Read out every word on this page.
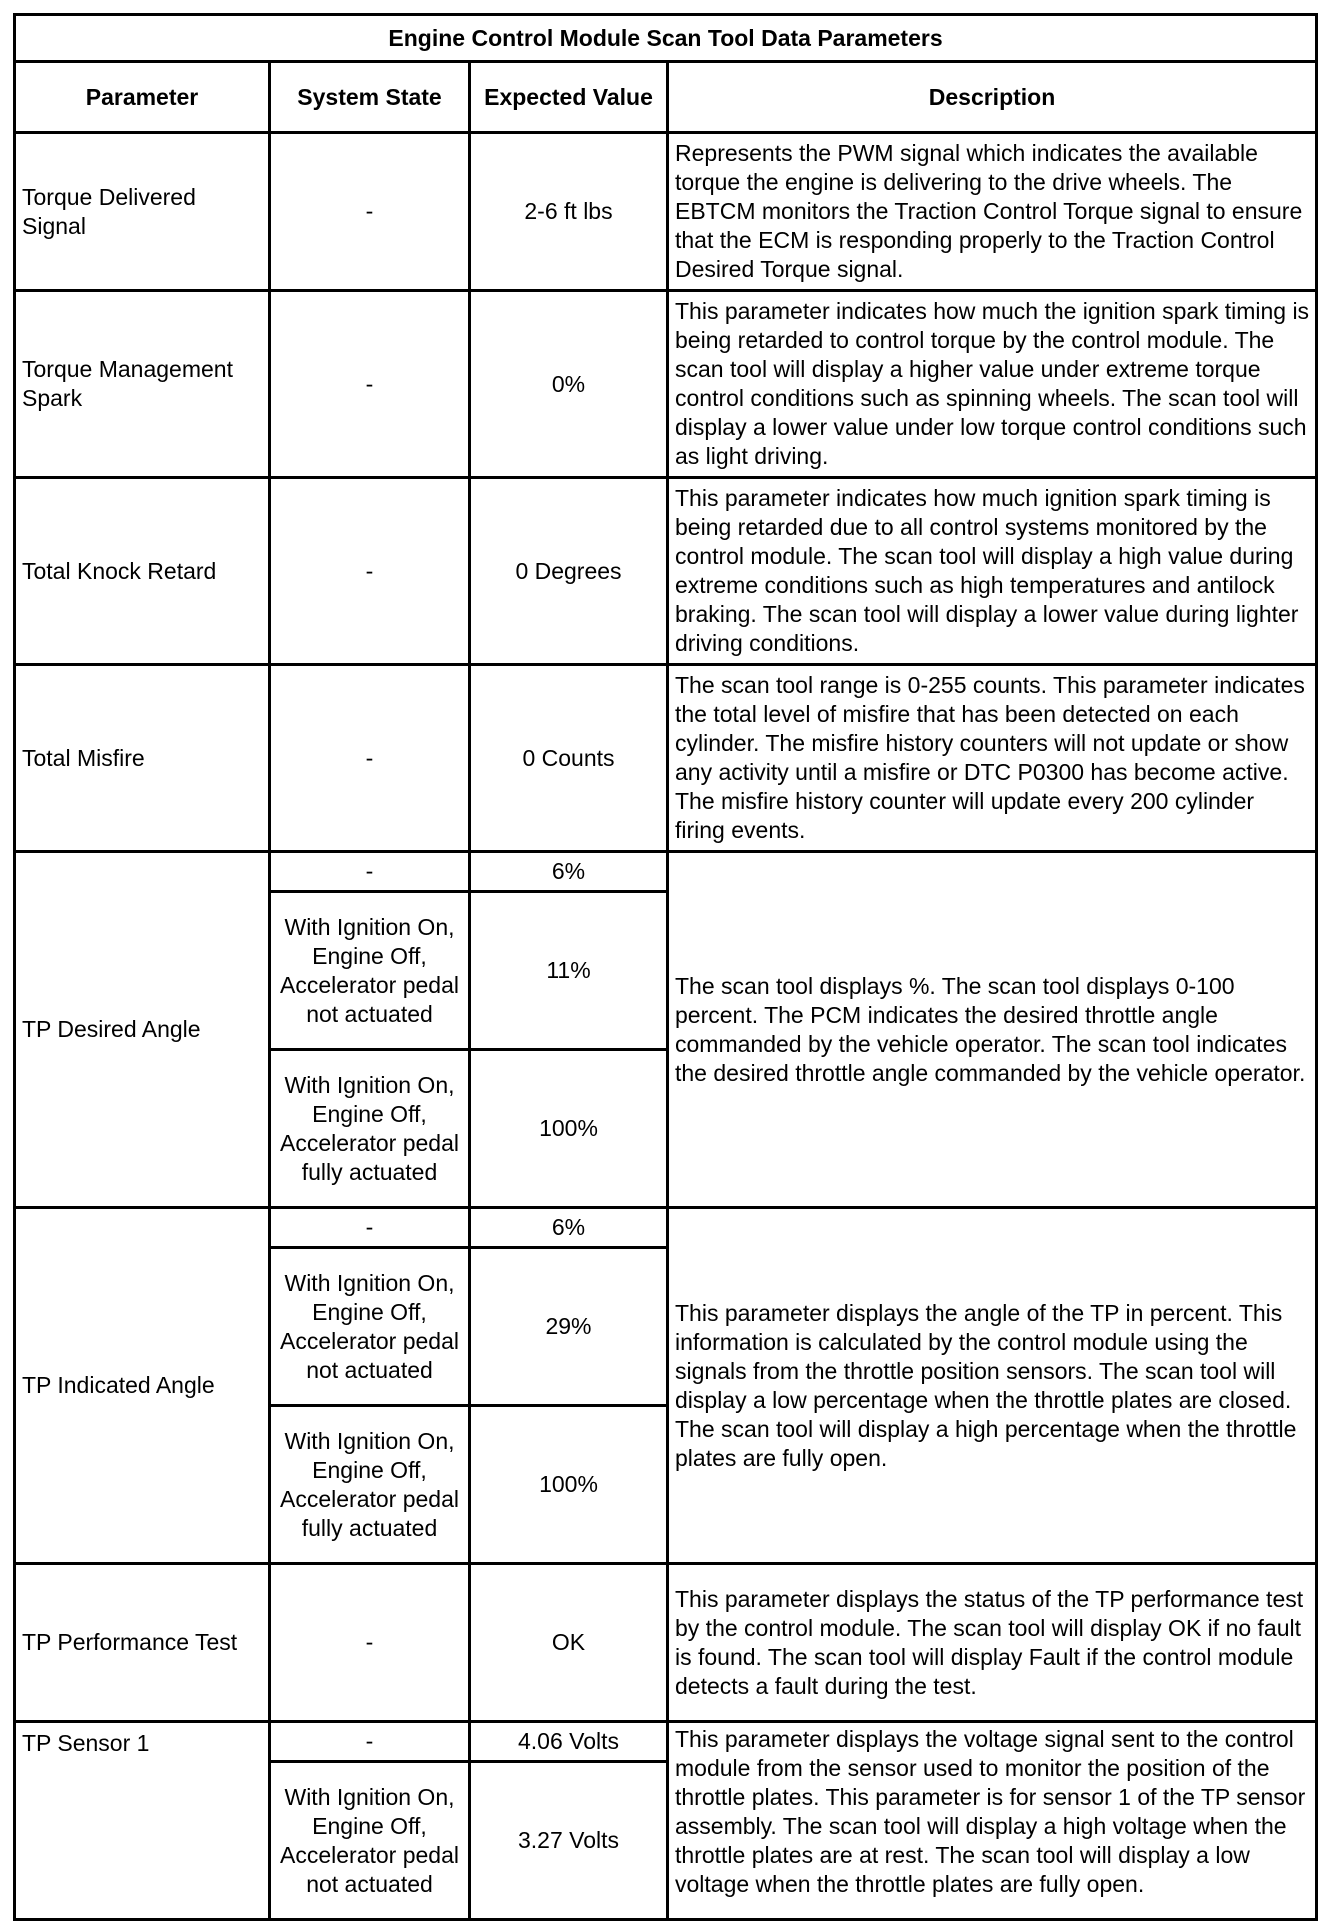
Engine Control Module Scan Tool Data Parameters			
Parameter	System State	Expected Value	Description
Torque Delivered Signal	-	2-6 ft lbs	Represents the PWM signal which indicates the available torque the engine is delivering to the drive wheels. The EBTCM monitors the Traction Control Torque signal to ensure that the ECM is responding properly to the Traction Control Desired Torque signal.
Torque Management Spark	-	0%	This parameter indicates how much the ignition spark timing is being retarded to control torque by the control module. The scan tool will display a higher value under extreme torque control conditions such as spinning wheels. The scan tool will display a lower value under low torque control conditions such as light driving.
Total Knock Retard	-	0 Degrees	This parameter indicates how much ignition spark timing is being retarded due to all control systems monitored by the control module. The scan tool will display a high value during extreme conditions such as high temperatures and antilock braking. The scan tool will display a lower value during lighter driving conditions.
Total Misfire	-	0 Counts	The scan tool range is 0-255 counts. This parameter indicates the total level of misfire that has been detected on each cylinder. The misfire history counters will not update or show any activity until a misfire or DTC P0300 has become active. The misfire history counter will update every 200 cylinder firing events.
TP Desired Angle	-	6%	The scan tool displays %. The scan tool displays 0-100 percent. The PCM indicates the desired throttle angle commanded by the vehicle operator. The scan tool indicates the desired throttle angle commanded by the vehicle operator.
	With Ignition On, Engine Off, Accelerator pedal not actuated	11%	
	With Ignition On, Engine Off, Accelerator pedal fully actuated	100%	
TP Indicated Angle	-	6%	This parameter displays the angle of the TP in percent. This information is calculated by the control module using the signals from the throttle position sensors. The scan tool will display a low percentage when the throttle plates are closed. The scan tool will display a high percentage when the throttle plates are fully open.
	With Ignition On, Engine Off, Accelerator pedal not actuated	29%	
	With Ignition On, Engine Off, Accelerator pedal fully actuated	100%	
TP Performance Test	-	OK	This parameter displays the status of the TP performance test by the control module. The scan tool will display OK if no fault is found. The scan tool will display Fault if the control module detects a fault during the test.
TP Sensor 1	-	4.06 Volts	This parameter displays the voltage signal sent to the control module from the sensor used to monitor the position of the throttle plates. This parameter is for sensor 1 of the TP sensor assembly. The scan tool will display a high voltage when the throttle plates are at rest. The scan tool will display a low voltage when the throttle plates are fully open.

	With Ignition On, Engine Off, Accelerator pedal not actuated	3.27 Volts	
